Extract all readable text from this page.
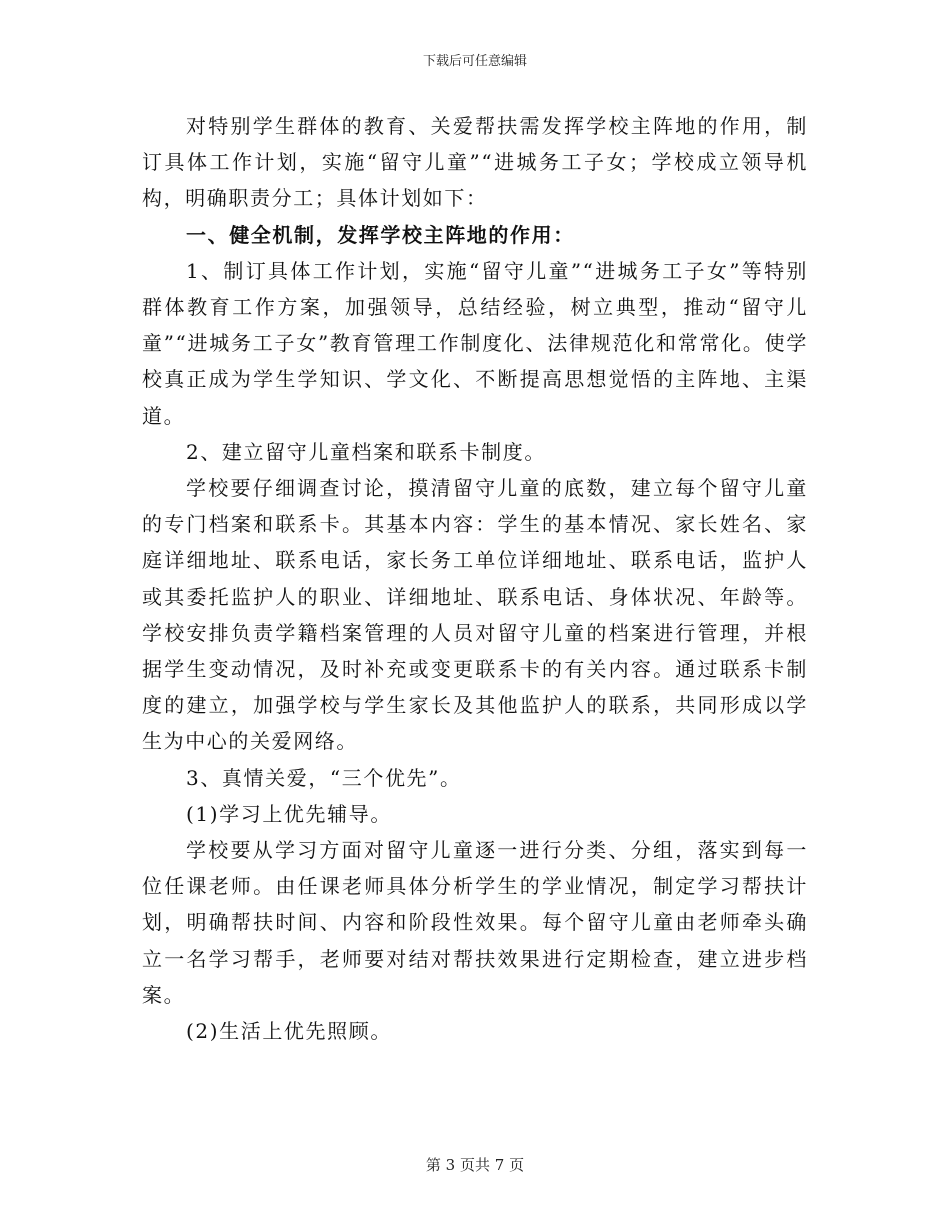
下载后可任意编辑

对特别学生群体的教育、关爱帮扶需发挥学校主阵地的作用，制订具体工作计划，实施“留守儿童”“进城务工子女；学校成立领导机构，明确职责分工；具体计划如下：

一、健全机制，发挥学校主阵地的作用：

1、制订具体工作计划，实施“留守儿童”“进城务工子女”等特别群体教育工作方案，加强领导，总结经验，树立典型，推动“留守儿童”“进城务工子女”教育管理工作制度化、法律规范化和常常化。使学校真正成为学生学知识、学文化、不断提高思想觉悟的主阵地、主渠道。

2、建立留守儿童档案和联系卡制度。

学校要仔细调查讨论，摸清留守儿童的底数，建立每个留守儿童的专门档案和联系卡。其基本内容：学生的基本情况、家长姓名、家庭详细地址、联系电话，家长务工单位详细地址、联系电话，监护人或其委托监护人的职业、详细地址、联系电话、身体状况、年龄等。学校安排负责学籍档案管理的人员对留守儿童的档案进行管理，并根据学生变动情况，及时补充或变更联系卡的有关内容。通过联系卡制度的建立，加强学校与学生家长及其他监护人的联系，共同形成以学生为中心的关爱网络。

3、真情关爱，“三个优先”。

(1)学习上优先辅导。

学校要从学习方面对留守儿童逐一进行分类、分组，落实到每一位任课老师。由任课老师具体分析学生的学业情况，制定学习帮扶计划，明确帮扶时间、内容和阶段性效果。每个留守儿童由老师牵头确立一名学习帮手，老师要对结对帮扶效果进行定期检查，建立进步档案。

(2)生活上优先照顾。

第 3 页共 7 页
